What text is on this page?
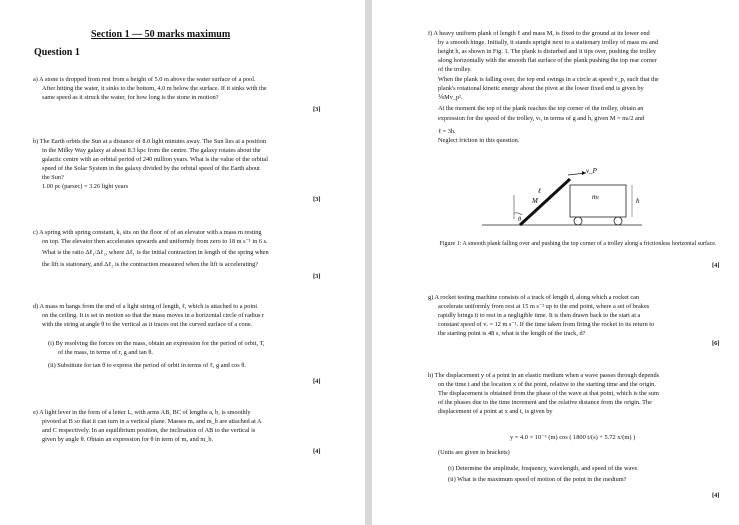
Section 1 — 50 marks maximum
Question 1
a) A stone is dropped from rest from a height of 5.0 m above the water surface of a pool.
After hitting the water, it sinks to the bottom, 4.0 m below the surface. If it sinks with the
same speed as it struck the water, for how long is the stone in motion?
[3]
b) The Earth orbits the Sun at a distance of 8.0 light minutes away. The Sun lies at a position
in the Milky Way galaxy at about 8.3 kpc from the centre. The galaxy rotates about the
galactic centre with an orbital period of 240 million years. What is the value of the orbital
speed of the Solar System in the galaxy divided by the orbital speed of the Earth about
the Sun?
1.00 pc (parsec) = 3.26 light years
[3]
c) A spring with spring constant, k, sits on the floor of of an elevator with a mass m resting
on top. The elevator then accelerates upwards and uniformly from zero to 18 m s⁻¹ in 6 s.
What is the ratio Δℓ₁/Δℓ₂, where Δℓ₁ is the initial contraction in length of the spring when
the lift is stationary, and Δℓ₂ is the contraction measured when the lift is accelerating?
[3]
d) A mass m hangs from the end of a light string of length, ℓ, which is attached to a point
on the ceiling. It is set in motion so that the mass moves in a horizontal circle of radius r
with the string at angle θ to the vertical as it traces out the curved surface of a cone.
(i) By resolving the forces on the mass, obtain an expression for the period of orbit, T,
of the mass, in terms of r, g and tan θ.
(ii) Substitute for tan θ to express the period of orbit in terms of ℓ, g and cos θ.
[4]
e) A light lever in the form of a letter L, with arms AB, BC of lengths a, b, is smoothly
pivoted at B so that it can turn in a vertical plane. Masses mₐ and m_b are attached at A
and C respectively. In an equilibrium position, the inclination of AB to the vertical is
given by angle θ. Obtain an expression for θ in term of mₐ and m_b.
[4]
f) A heavy uniform plank of length ℓ and mass M, is fixed to the ground at its lower end
by a smooth hinge. Initially, it stands upright next to a stationary trolley of mass mₜ and
height h, as shown in Fig. 1. The plank is disturbed and it tips over, pushing the trolley
along horizontally with the smooth flat surface of the plank pushing the top rear corner
of the trolley.
When the plank is falling over, the top end swings in a circle at speed v_p, such that the
plank's rotational kinetic energy about the pivot at the lower fixed end is given by
⅙Mv_p².
At the moment the top of the plank reaches the top corner of the trolley, obtain an
expression for the speed of the trolley, vₜ, in terms of g and h, given M = mₜ/2 and
ℓ = 3h.
Neglect friction in this question.
v_P
M	mₜ	h
ℓ
θ
Figure 1: A smooth plank falling over and pushing the top corner of a trolley along a frictionless horizontal surface.
[4]
g) A rocket testing machine consists of a track of length d, along which a rocket can
accelerate uniformly from rest at 15 m s⁻² up to the end point, where a set of brakes
rapidly brings it to rest in a negligible time. It is then drawn back to the start at a
constant speed of vᵣ = 12 m s⁻¹. If the time taken from firing the rocket to its return to
the starting point is 48 s, what is the length of the track, d?
[6]
h) The displacement y of a point in an elastic medium when a wave passes through depends
on the time t and the location x of the point, relative to the starting time and the origin.
The displacement is obtained from the phase of the wave at that point, which is the sum
of the phases due to the time increment and the relative distance from the origin. The
displacement of a point at x and t, is given by
y = 4.0 × 10⁻⁶ (m) cos ( 1800 t/(s) + 5.72 x/(m) )
(Units are given in brackets)
(i) Determine the amplitude, frequency, wavelength, and speed of the wave.
(ii) What is the maximum speed of motion of the point in the medium?
[4]
